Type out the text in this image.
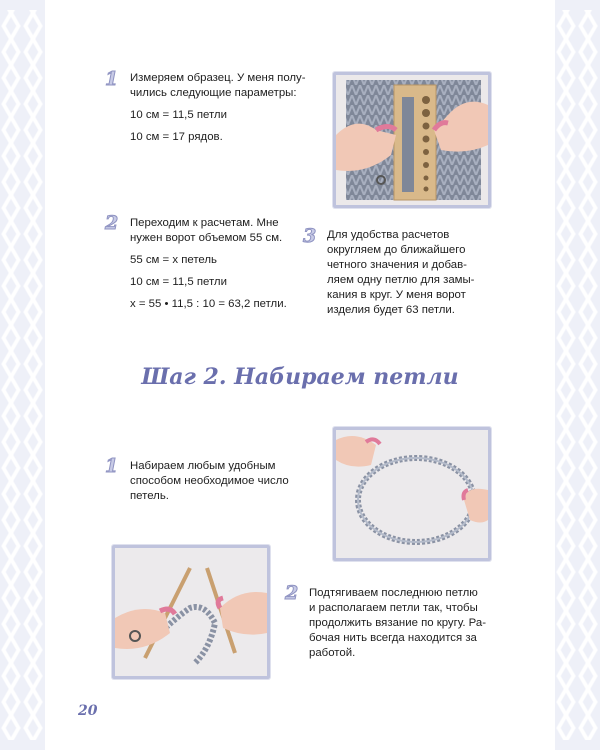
1 Измеряем образец. У меня полу-
чились следующие параметры:

10 см = 11,5 петли

10 см = 17 рядов.

2 Переходим к расчетам. Мне
нужен ворот объемом 55 см.

55 см = х петель

10 см = 11,5 петли

х = 55 • 11,5 : 10 = 63,2 петли.

3 Для удобства расчетов
округляем до ближайшего
четного значения и добав-
ляем одну петлю для замы-
кания в круг. У меня ворот
изделия будет 63 петли.
Шаг 2. Набираем петли
1 Набираем любым удобным
способом необходимое число
петель.
2 Подтягиваем последнюю петлю
и располагаем петли так, чтобы
продолжить вязание по кругу. Ра-
бочая нить всегда находится за
работой.
20
